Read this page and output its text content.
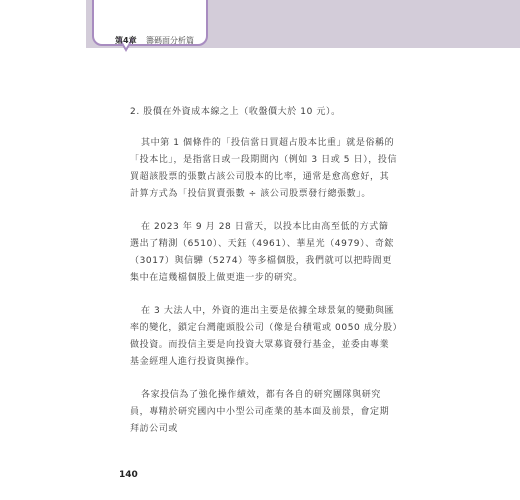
第4章 籌碼面分析篇

2. 股價在外資成本線之上（收盤價大於 10 元）。

其中第 1 個條件的「投信當日買超占股本比重」就是俗稱的「投本比」，是指當日或一段期間內（例如 3 日或 5 日），投信買超該股票的張數占該公司股本的比率，通常是愈高愈好，其計算方式為「投信買賣張數 ÷ 該公司股票發行總張數」。

在 2023 年 9 月 28 日當天，以投本比由高至低的方式篩選出了精測（6510）、天鈺（4961）、華星光（4979）、奇鋐（3017）與信驊（5274）等多檔個股，我們就可以把時間更集中在這幾檔個股上做更進一步的研究。

在 3 大法人中，外資的進出主要是依據全球景氣的變動與匯率的變化，鎖定台灣龍頭股公司（像是台積電或 0050 成分股）做投資。而投信主要是向投資大眾募資發行基金，並委由專業基金經理人進行投資與操作。

各家投信為了強化操作績效，都有各自的研究團隊與研究員，專精於研究國內中小型公司產業的基本面及前景，會定期拜訪公司或

140
